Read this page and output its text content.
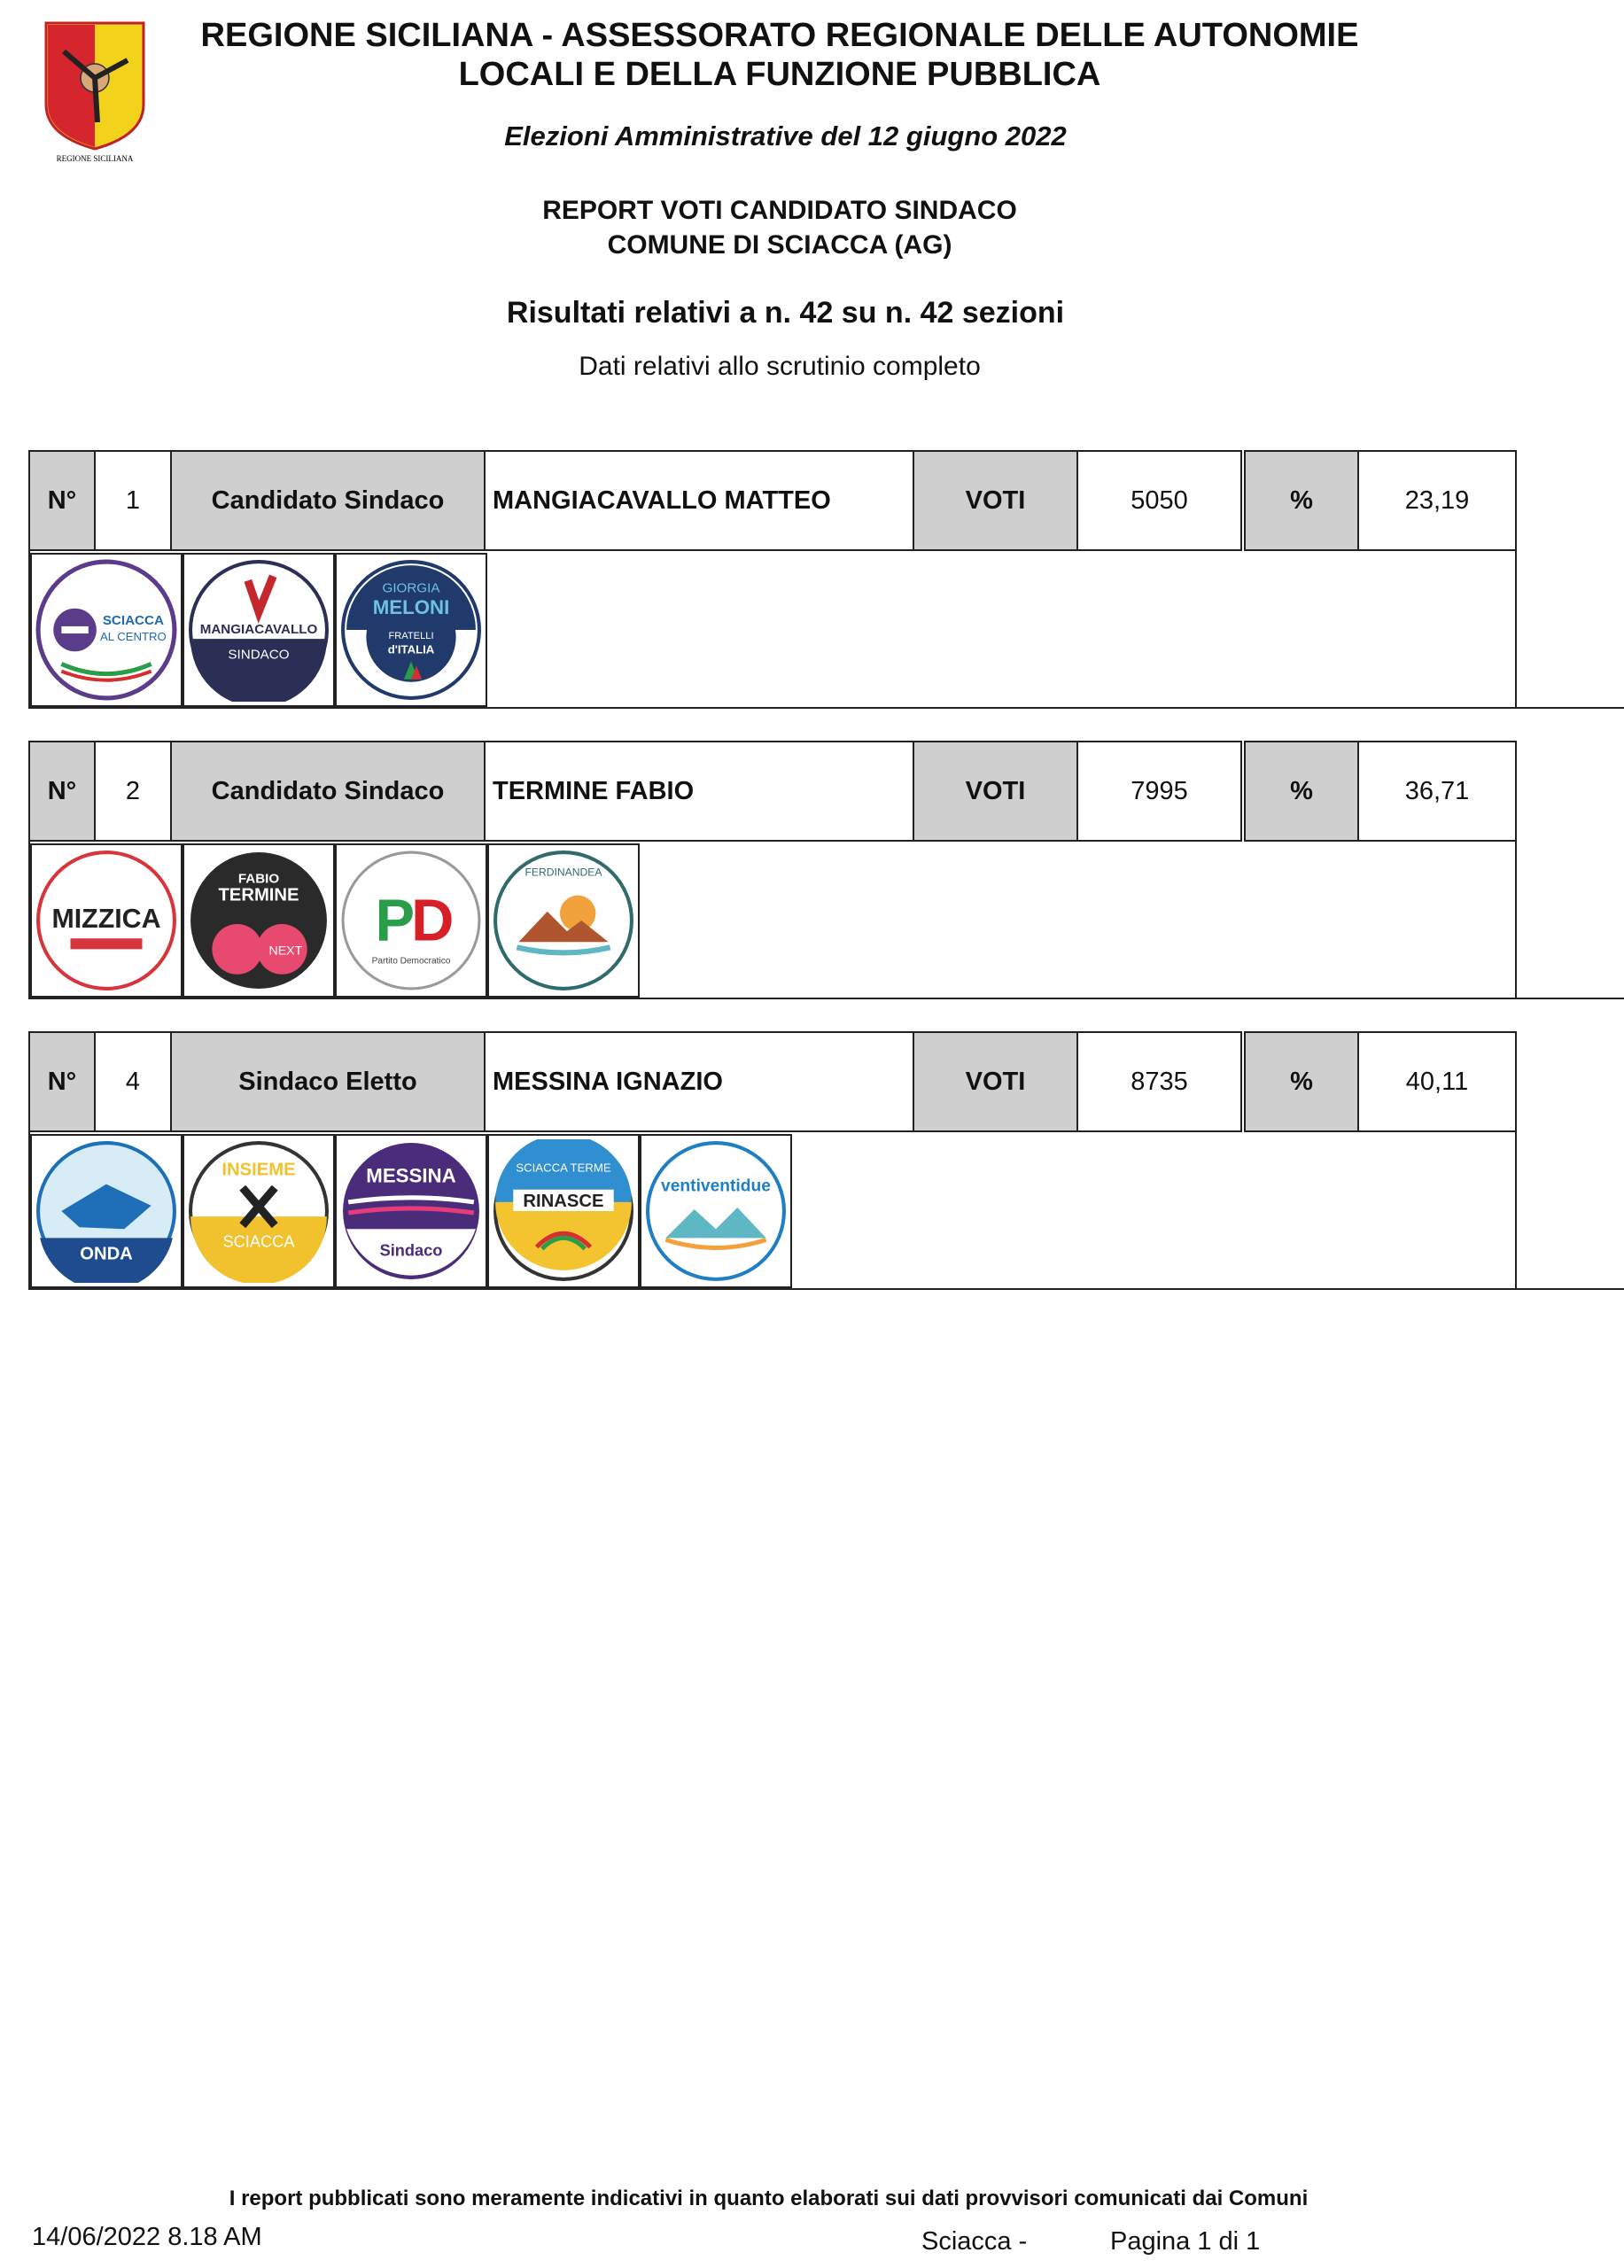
REGIONE SICILIANA
REGIONE SICILIANA - ASSESSORATO REGIONALE DELLE AUTONOMIE
LOCALI E DELLA FUNZIONE PUBBLICA
Elezioni Amministrative del 12 giugno 2022
REPORT VOTI CANDIDATO SINDACO
COMUNE DI SCIACCA (AG)
Risultati relativi a n. 42 su n. 42 sezioni
Dati relativi allo scrutinio completo
N°	1	Candidato Sindaco	MANGIACAVALLO MATTEO	VOTI	5050	%	23,19
SCIACCA
AL CENTRO	MANGIACAVALLO
SINDACO
GIORGIA
MELONI
FRATELLI
d'ITALIA
N°	2	Candidato Sindaco	TERMINE FABIO	VOTI	7995	%	36,71
MIZZICA
FABIO
TERMINE
NEXT P
D
Partito Democratico
FERDINANDEA
N°	4	Sindaco Eletto	MESSINA IGNAZIO	VOTI	8735	%	40,11
ONDA
INSIEME
SCIACCA
MESSINA
Sindaco
SCIACCA TERME
RINASCE
ventiventidue
I report pubblicati sono meramente indicativi in quanto elaborati sui dati provvisori comunicati dai Comuni
14/06/2022 8.18 AM	Sciacca -	Pagina 1 di 1
